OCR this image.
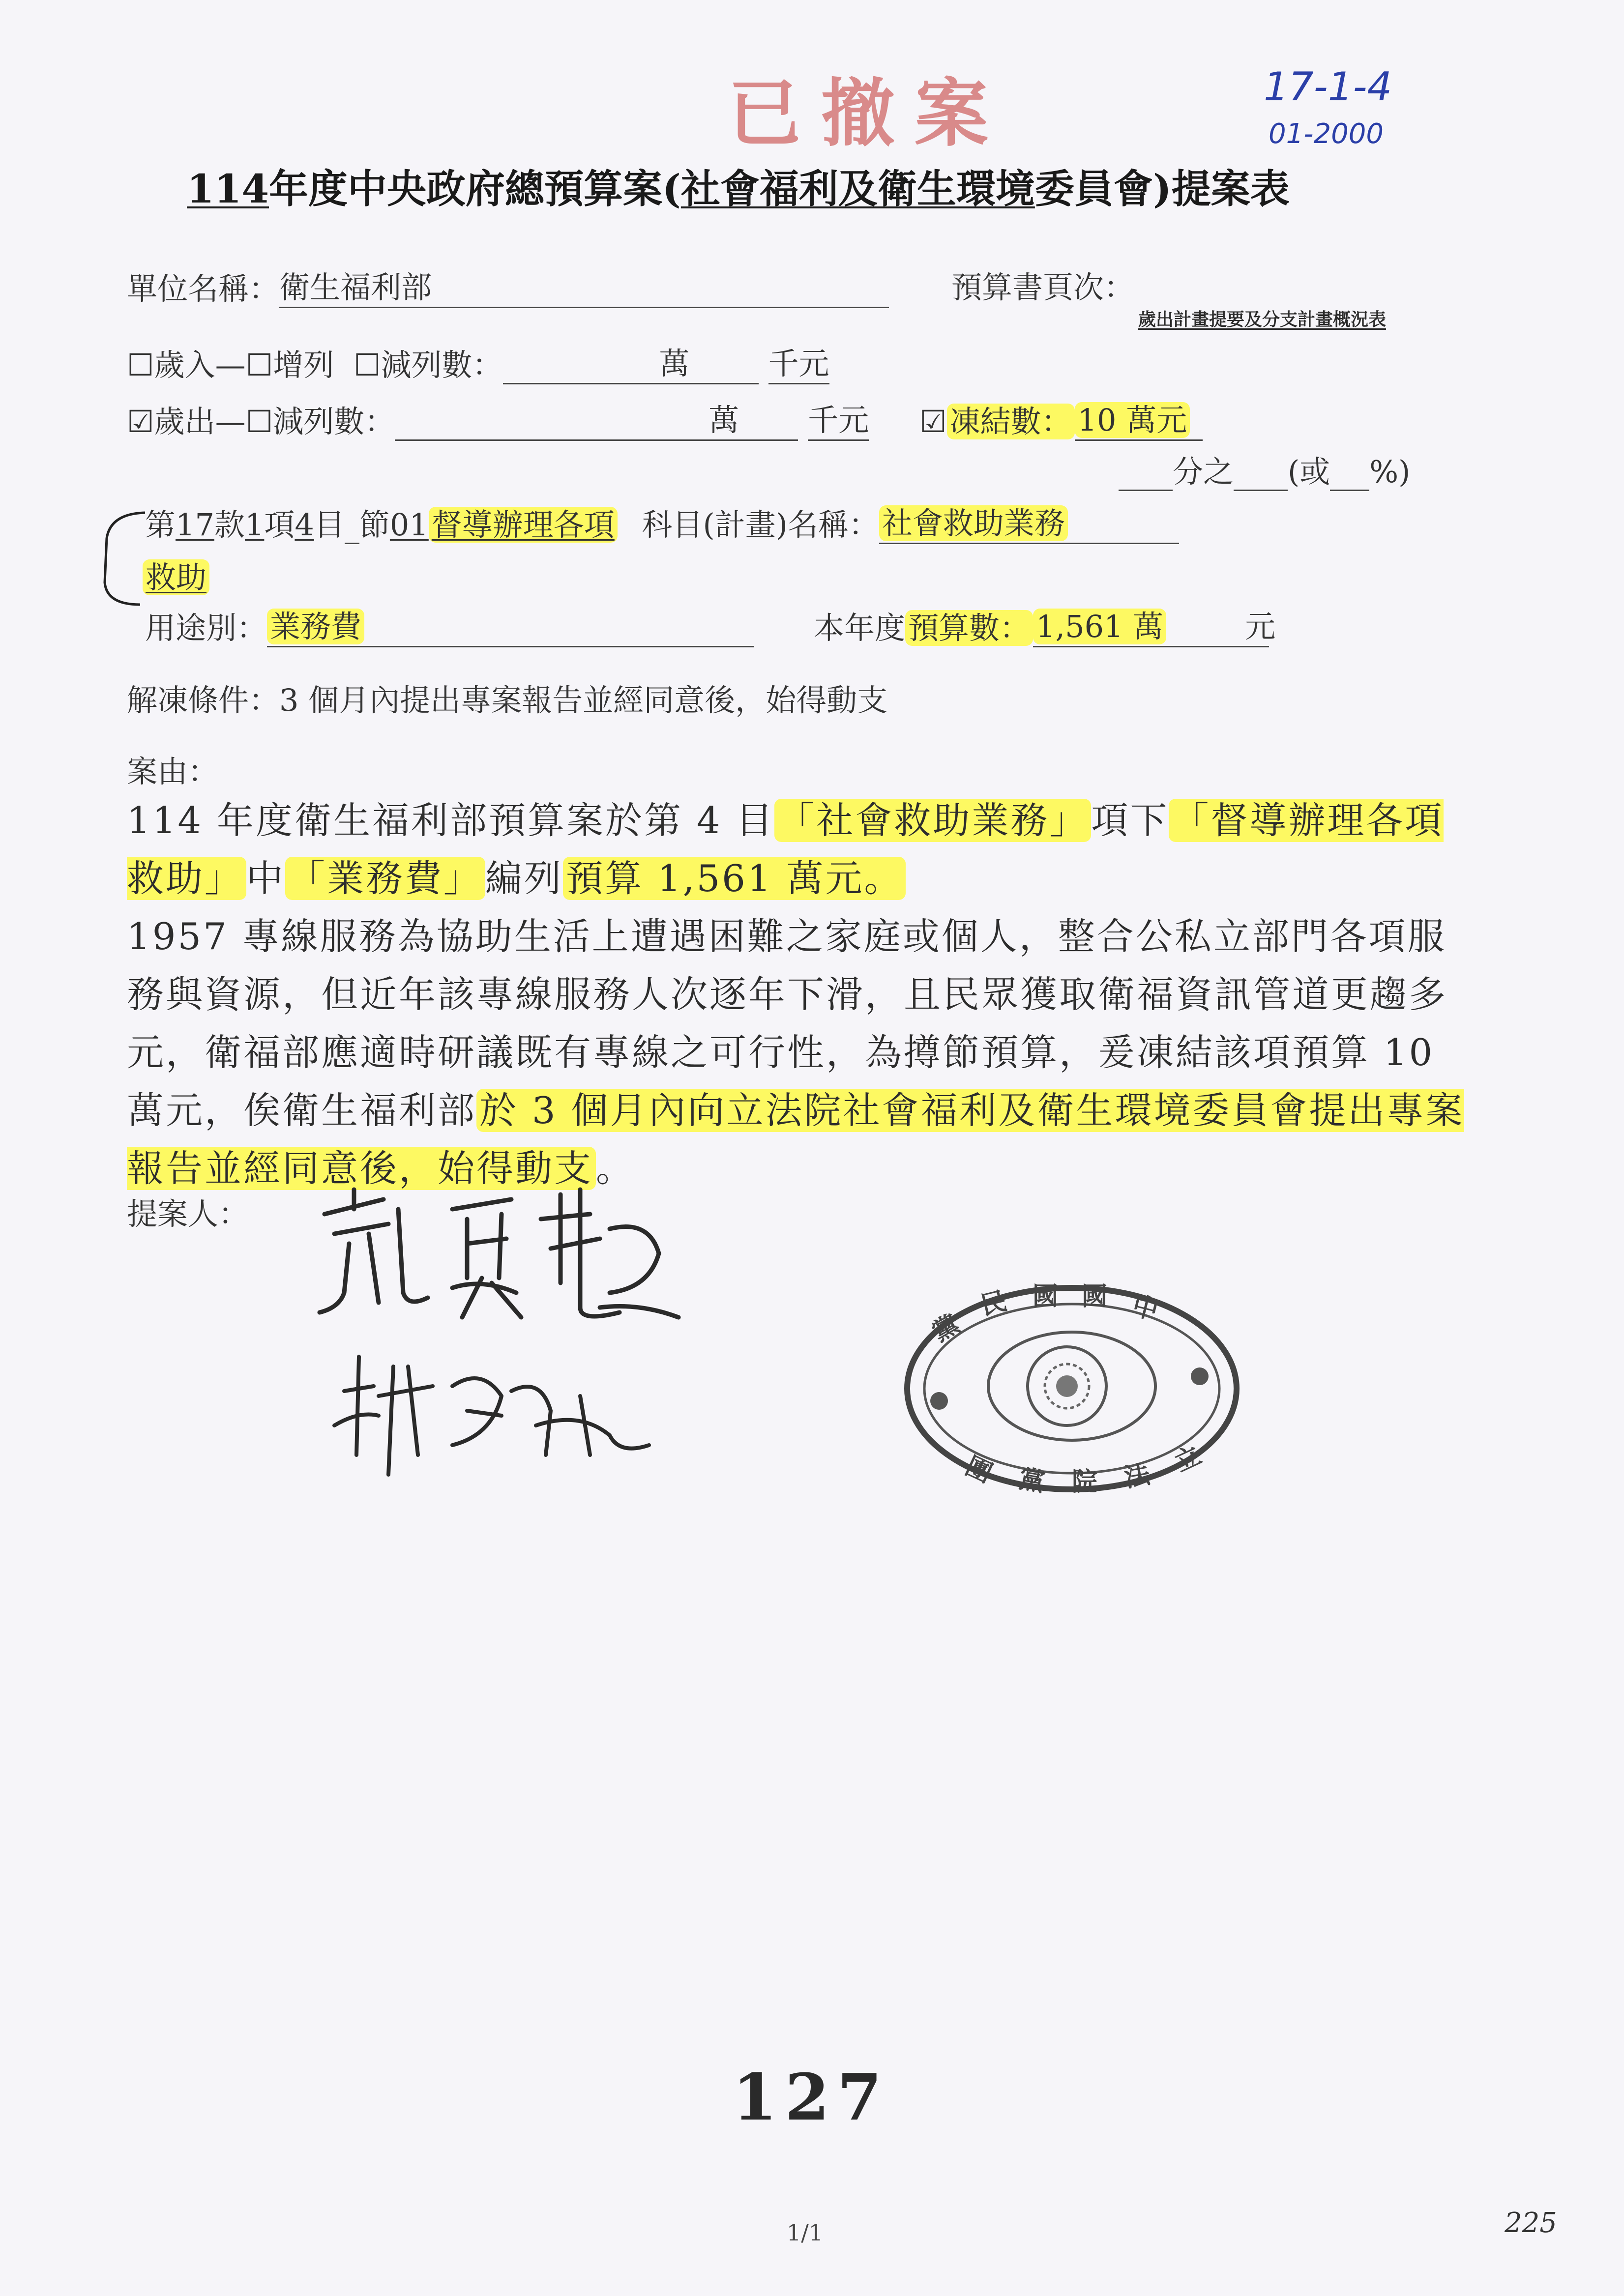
已撤案	17-1-4
01-2000
114年度中央政府總預算案(社會福利及衛生環境委員會)提案表
單位名稱：衛生福利部	預算書頁次：
歲出計畫提要及分支計畫概況表
☐歲入—☐增列 ☐減列數：	萬	千元
☑歲出—☐減列數：	萬 千元 ☑凍結數： 10 萬元
分之 (或 %)
第17款1項4目 節01督導辦理各項 科目(計畫)名稱：社會救助業務
救助
用途別：業務費	本年度預算數： 1,561 萬	元
解凍條件：3 個月內提出專案報告並經同意後，始得動支
案由：

114 年度衛生福利部預算案於第 4 目「社會救助業務」項下「督導辦理各項救助」中「業務費」編列預算 1,561 萬元。

1957 專線服務為協助生活上遭遇困難之家庭或個人，整合公私立部門各項服務與資源，但近年該專線服務人次逐年下滑，且民眾獲取衛福資訊管道更趨多元，衛福部應適時研議既有專線之可行性，為撙節預算，爰凍結該項預算 10 萬元，俟衛生福利部於 3 個月內向立法院社會福利及衛生環境委員會提出專案報告並經同意後，始得動支。

提案人：
黨
民 國 國 中
立
法
院
黨
團
127
1/1	225
